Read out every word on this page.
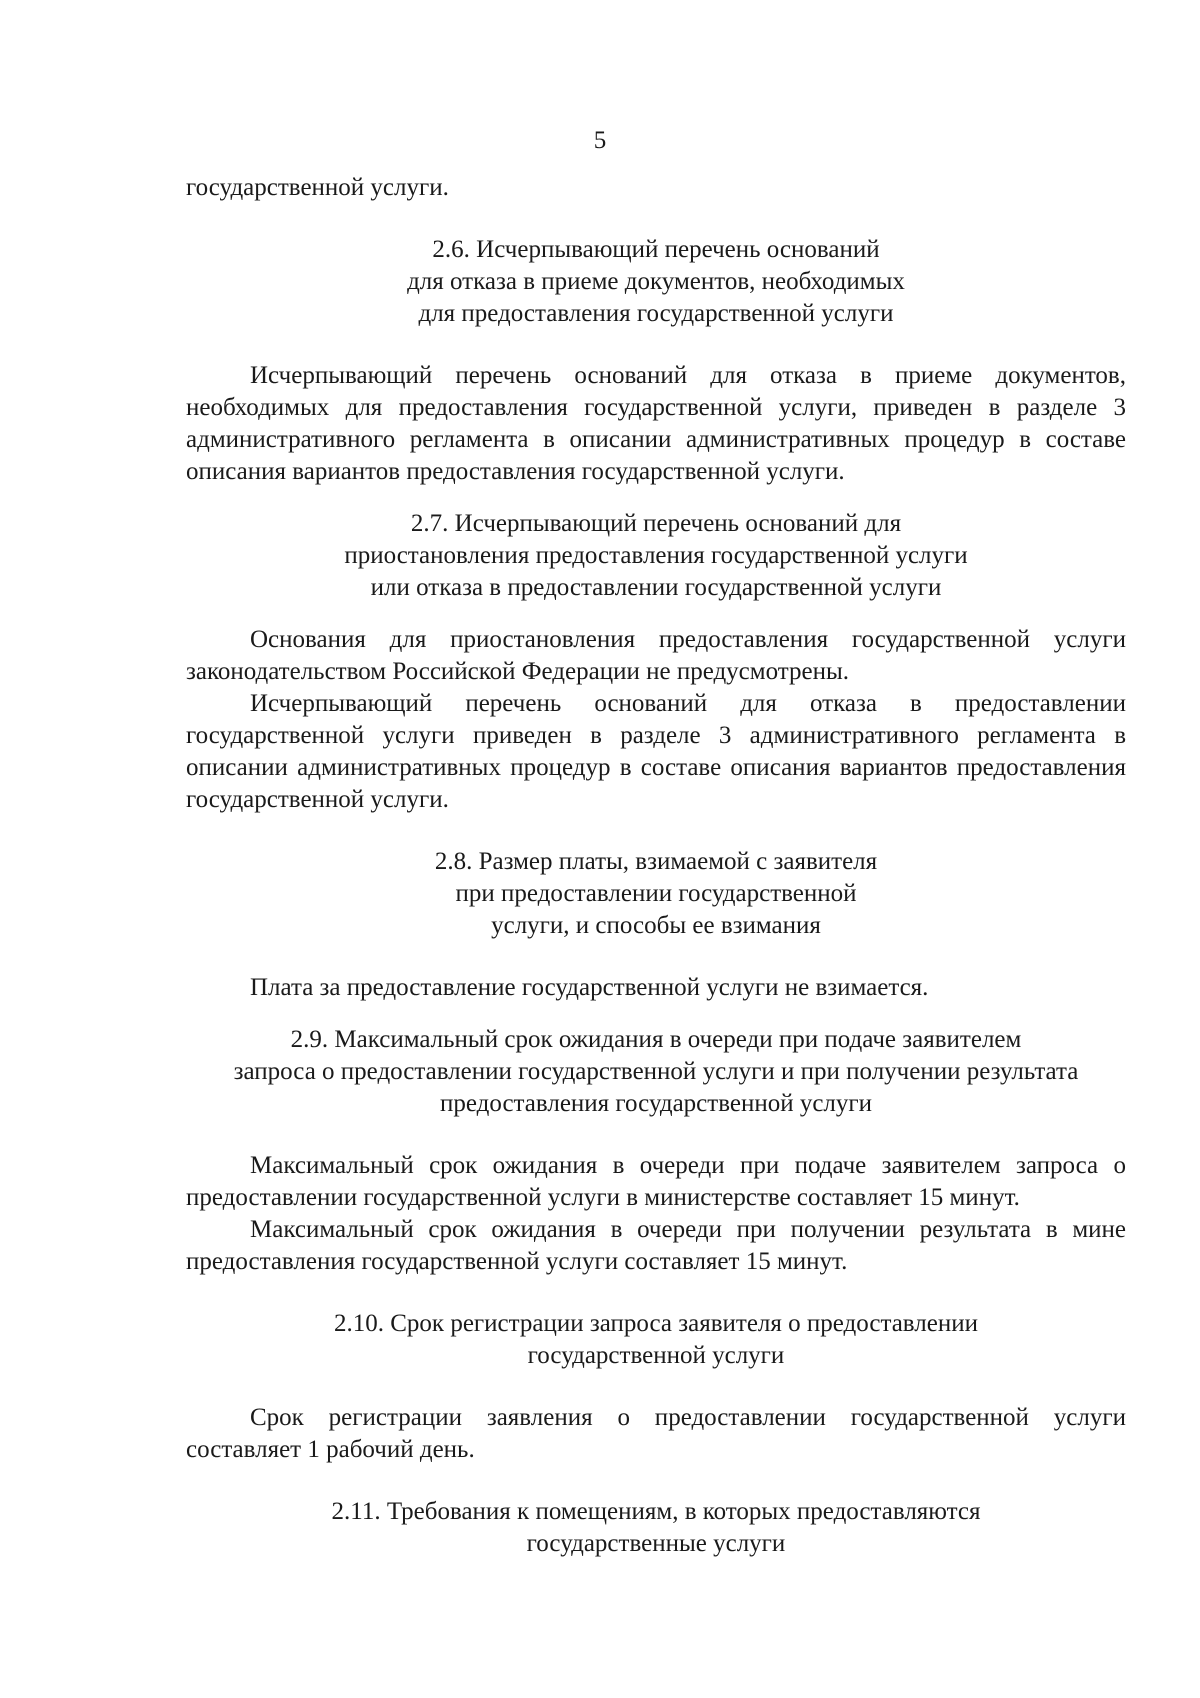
5

государственной услуги.

2.6. Исчерпывающий перечень оснований
для отказа в приеме документов, необходимых
для предоставления государственной услуги

Исчерпывающий перечень оснований для отказа в приеме документов, необходимых для предоставления государственной услуги, приведен в разделе 3 административного регламента в описании административных процедур в составе описания вариантов предоставления государственной услуги.

2.7. Исчерпывающий перечень оснований для
приостановления предоставления государственной услуги
или отказа в предоставлении государственной услуги

Основания для приостановления предоставления государственной услуги законодательством Российской Федерации не предусмотрены.

Исчерпывающий перечень оснований для отказа в предоставлении государственной услуги приведен в разделе 3 административного регламента в описании административных процедур в составе описания вариантов предоставления государственной услуги.

2.8. Размер платы, взимаемой с заявителя
при предоставлении государственной
услуги, и способы ее взимания

Плата за предоставление государственной услуги не взимается.

2.9. Максимальный срок ожидания в очереди при подаче заявителем
запроса о предоставлении государственной услуги и при получении результата
предоставления государственной услуги

Максимальный срок ожидания в очереди при подаче заявителем запроса о предоставлении государственной услуги в министерстве составляет 15 минут.

Максимальный срок ожидания в очереди при получении результата в мине предоставления государственной услуги составляет 15 минут.

2.10. Срок регистрации запроса заявителя о предоставлении
государственной услуги

Срок регистрации заявления о предоставлении государственной услуги составляет 1 рабочий день.

2.11. Требования к помещениям, в которых предоставляются
государственные услуги
